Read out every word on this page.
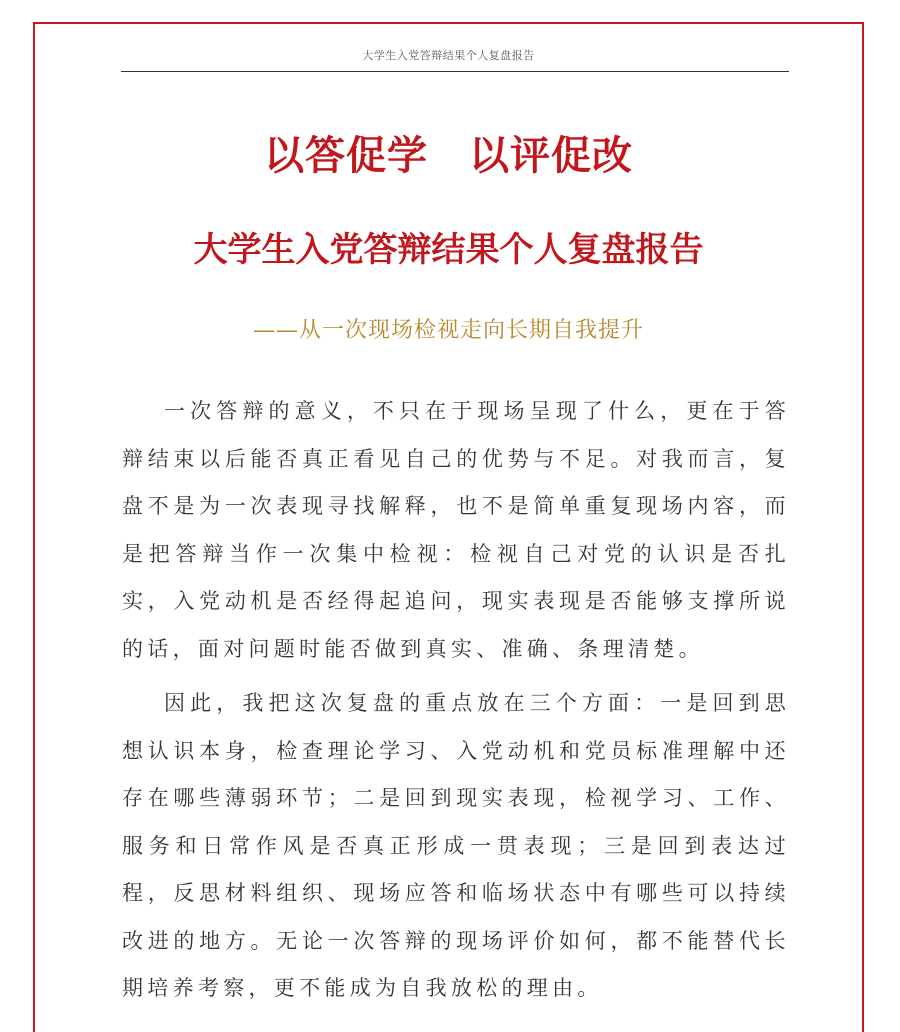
大学生入党答辩结果个人复盘报告
以答促学　以评促改
大学生入党答辩结果个人复盘报告
——从一次现场检视走向长期自我提升

一次答辩的意义，不只在于现场呈现了什么，更在于答辩结束以后能否真正看见自己的优势与不足。对我而言，复盘不是为一次表现寻找解释，也不是简单重复现场内容，而是把答辩当作一次集中检视：检视自己对党的认识是否扎实，入党动机是否经得起追问，现实表现是否能够支撑所说的话，面对问题时能否做到真实、准确、条理清楚。

因此，我把这次复盘的重点放在三个方面：一是回到思想认识本身，检查理论学习、入党动机和党员标准理解中还存在哪些薄弱环节；二是回到现实表现，检视学习、工作、服务和日常作风是否真正形成一贯表现；三是回到表达过程，反思材料组织、现场应答和临场状态中有哪些可以持续改进的地方。无论一次答辩的现场评价如何，都不能替代长期培养考察，更不能成为自我放松的理由。
